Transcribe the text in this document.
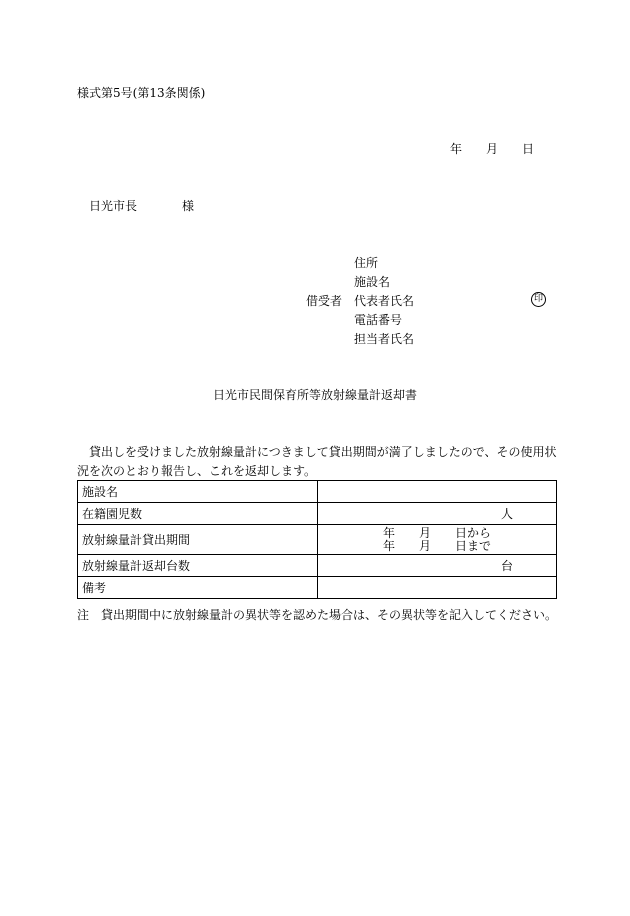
様式第5号(第13条関係)
年 月 日
日光市長	様
借受者
住所
施設名
代表者氏名
電話番号
担当者氏名
印
日光市民間保育所等放射線量計返却書
貸出しを受けました放射線量計につきまして貸出期間が満了しましたので、その使用状況を次のとおり報告し、これを返却します。
施設名	
在籍園児数	人
放射線量計貸出期間	年　　月　　日から
年　　月　　日まで

放射線量計返却台数	台
備考	
注　貸出期間中に放射線量計の異状等を認めた場合は、その異状等を記入してください。
